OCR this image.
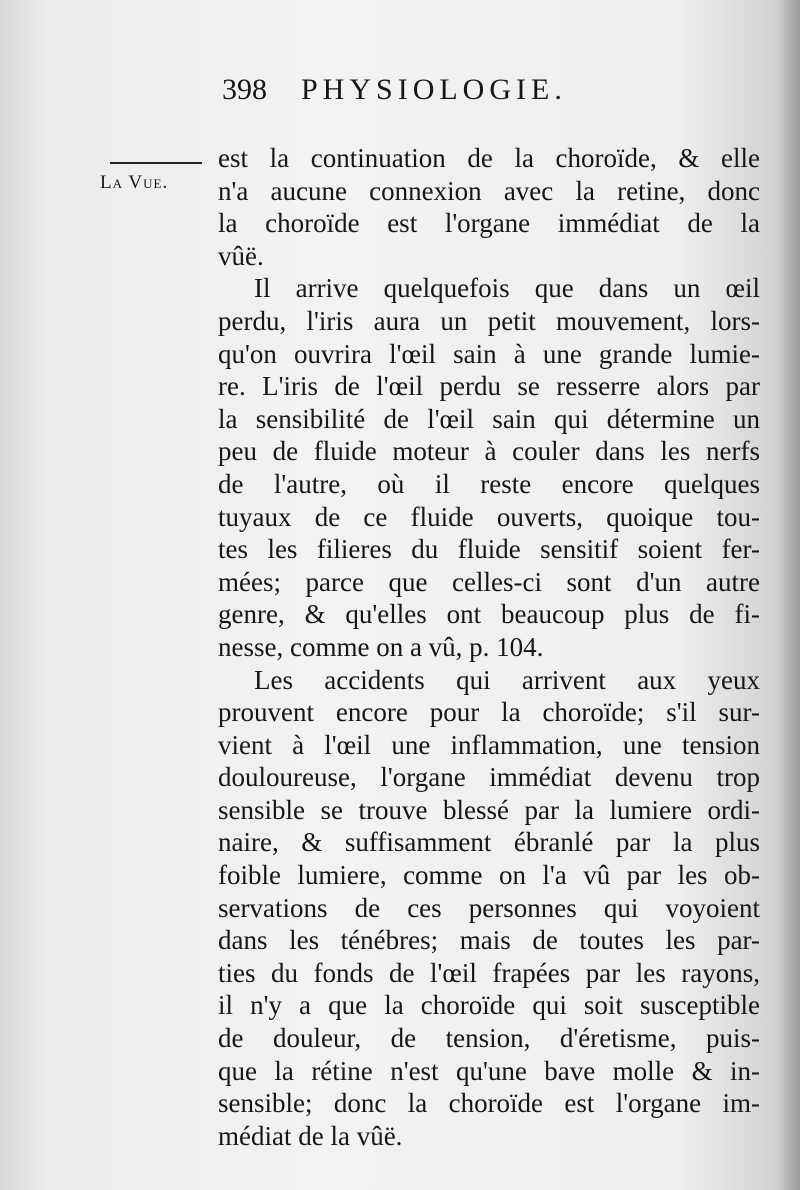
398 PHYSIOLOGIE.
La Vue.
est la continuation de la choroïde, & elle
n'a aucune connexion avec la retine, donc
la choroïde est l'organe immédiat de la
vûë.
Il arrive quelquefois que dans un œil
perdu, l'iris aura un petit mouvement, lors-
qu'on ouvrira l'œil sain à une grande lumie-
re. L'iris de l'œil perdu se resserre alors par
la sensibilité de l'œil sain qui détermine un
peu de fluide moteur à couler dans les nerfs
de l'autre, où il reste encore quelques
tuyaux de ce fluide ouverts, quoique tou-
tes les filieres du fluide sensitif soient fer-
mées; parce que celles-ci sont d'un autre
genre, & qu'elles ont beaucoup plus de fi-
nesse, comme on a vû, p. 104.
Les accidents qui arrivent aux yeux
prouvent encore pour la choroïde; s'il sur-
vient à l'œil une inflammation, une tension
douloureuse, l'organe immédiat devenu trop
sensible se trouve blessé par la lumiere ordi-
naire, & suffisamment ébranlé par la plus
foible lumiere, comme on l'a vû par les ob-
servations de ces personnes qui voyoient
dans les ténébres; mais de toutes les par-
ties du fonds de l'œil frapées par les rayons,
il n'y a que la choroïde qui soit susceptible
de douleur, de tension, d'éretisme, puis-
que la rétine n'est qu'une bave molle & in-
sensible; donc la choroïde est l'organe im-
médiat de la vûë.
